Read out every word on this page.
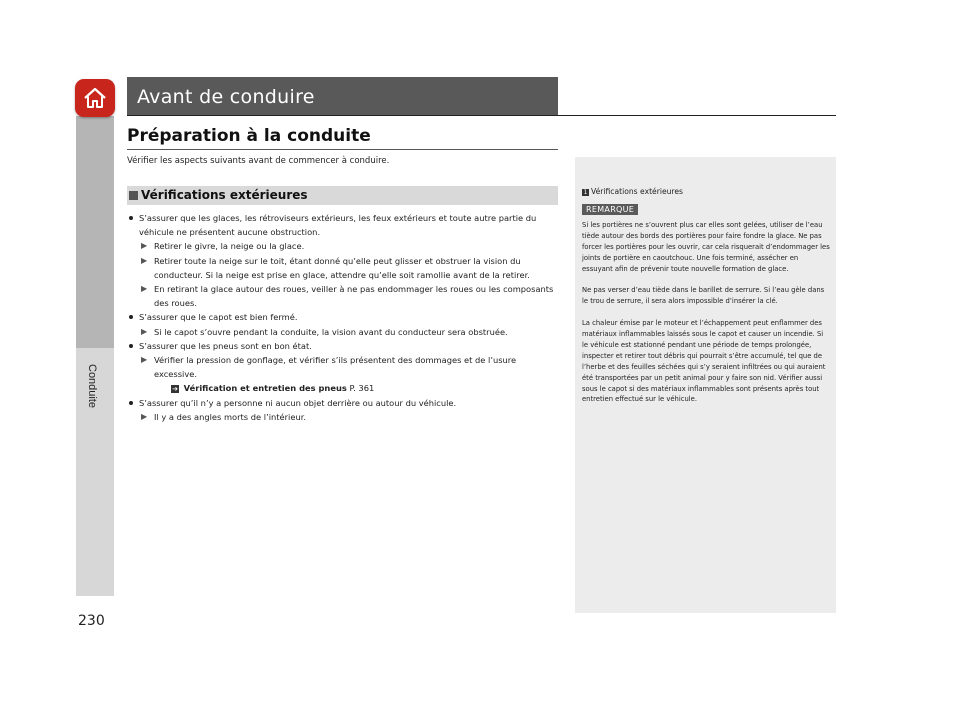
Conduite
Avant de conduire
Préparation à la conduite
Vérifier les aspects suivants avant de commencer à conduire.
Vérifications extérieures
S’assurer que les glaces, les rétroviseurs extérieurs, les feux extérieurs et toute autre partie du véhicule ne présentent aucune obstruction.
▶ Retirer le givre, la neige ou la glace.
▶ Retirer toute la neige sur le toit, étant donné qu’elle peut glisser et obstruer la vision du conducteur. Si la neige est prise en glace, attendre qu’elle soit ramollie avant de la retirer.
▶ En retirant la glace autour des roues, veiller à ne pas endommager les roues ou les composants des roues.
S’assurer que le capot est bien fermé.
▶ Si le capot s’ouvre pendant la conduite, la vision avant du conducteur sera obstruée.
S’assurer que les pneus sont en bon état.
▶ Vérifier la pression de gonflage, et vérifier s’ils présentent des dommages et de l’usure excessive.
➔ Vérification et entretien des pneus P. 361
S’assurer qu’il n’y a personne ni aucun objet derrière ou autour du véhicule.
▶ Il y a des angles morts de l’intérieur.
1 Vérifications extérieures
REMARQUE

Si les portières ne s’ouvrent plus car elles sont gelées, utiliser de l’eau tiède autour des bords des portières pour faire fondre la glace. Ne pas forcer les portières pour les ouvrir, car cela risquerait d’endommager les joints de portière en caoutchouc. Une fois terminé, assécher en essuyant afin de prévenir toute nouvelle formation de glace.

Ne pas verser d’eau tiède dans le barillet de serrure. Si l’eau gèle dans le trou de serrure, il sera alors impossible d’insérer la clé.

La chaleur émise par le moteur et l’échappement peut enflammer des matériaux inflammables laissés sous le capot et causer un incendie. Si le véhicule est stationné pendant une période de temps prolongée, inspecter et retirer tout débris qui pourrait s’être accumulé, tel que de l’herbe et des feuilles séchées qui s’y seraient infiltrées ou qui auraient été transportées par un petit animal pour y faire son nid. Vérifier aussi sous le capot si des matériaux inflammables sont présents après tout entretien effectué sur le véhicule.

230
